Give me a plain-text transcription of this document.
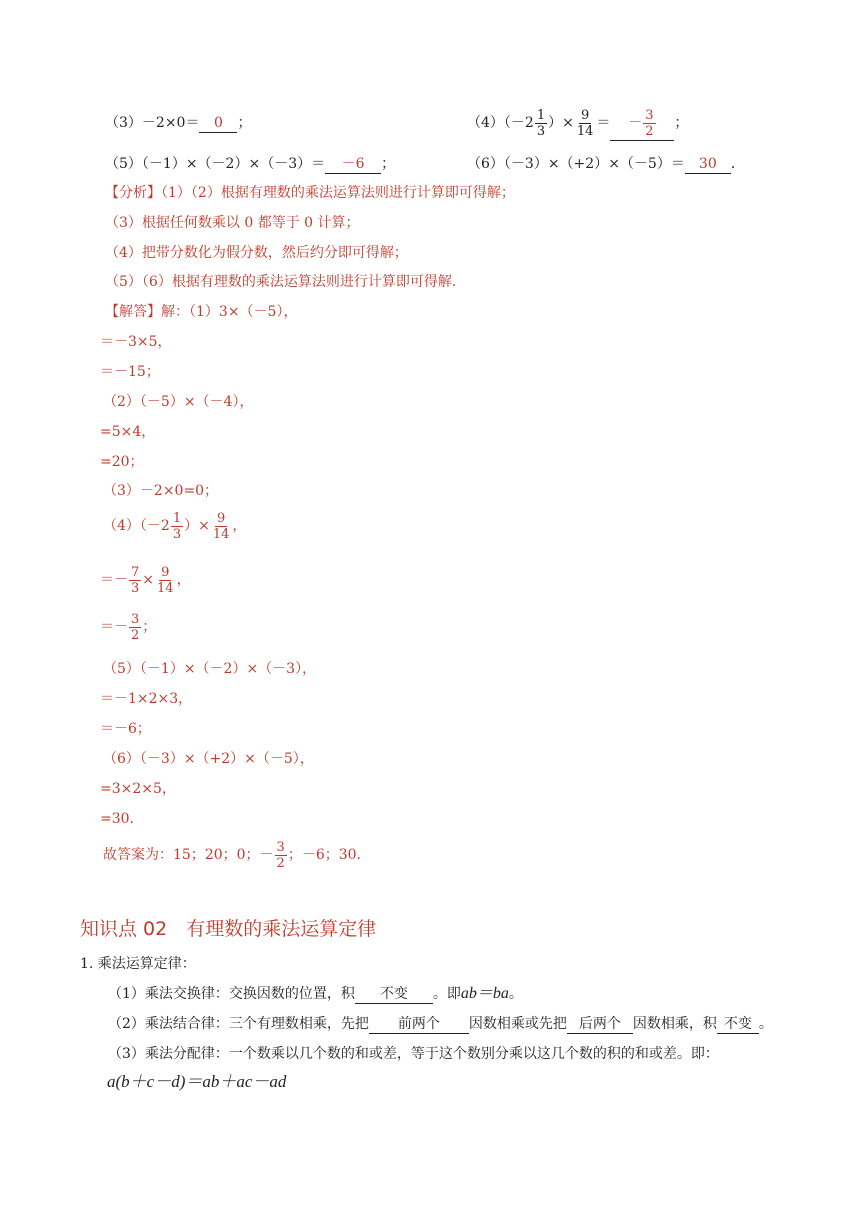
（3）－2×0＝ 0 ；	$(4)(-2 \frac{1}{3}$ ）× $\frac{9}{14}$ ＝ － $\frac{3}{2}$ ；
（5）（－1）×（－2）×（－3）＝ －6 ；	（6）（－3）×（+2）×（－5）＝ 30 ．
【分析】（1）（2）根据有理数的乘法运算法则进行计算即可得解；
（3）根据任何数乘以 0 都等于 0 计算；
（4）把带分数化为假分数，然后约分即可得解；
（5）（6）根据有理数的乘法运算法则进行计算即可得解．
【解答】解：（1）3×（－5），
＝－3×5，
＝－15；
（2）（－5）×（－4），
=5×4，
=20；
（3）－2×0=0；
$(4)(-2 \frac{1}{3}$ ）× $\frac{9}{14}$ ，
＝－ $\frac{7}{3} \times \frac{9}{14}$ ，
＝－ $\frac{3}{2}$ ；
（5）（－1）×（－2）×（－3），
＝－1×2×3，
＝－6；
（6）（－3）×（+2）×（－5），
=3×2×5，
=30．
故答案为：15；20；0；－ $\frac{3}{2}$ ；－6；30．
知识点 02　有理数的乘法运算定律
1. 乘法运算定律：
（1）乘法交换律：交换因数的位置，积 不变 。即ab＝ba。
（2）乘法结合律：三个有理数相乘，先把 前两个 因数相乘或先把 后两个 因数相乘，积 不变 。
（3）乘法分配律：一个数乘以几个数的和或差，等于这个数别分乘以这几个数的积的和或差。即：
a(b＋c－d)＝ab＋ac－ad
